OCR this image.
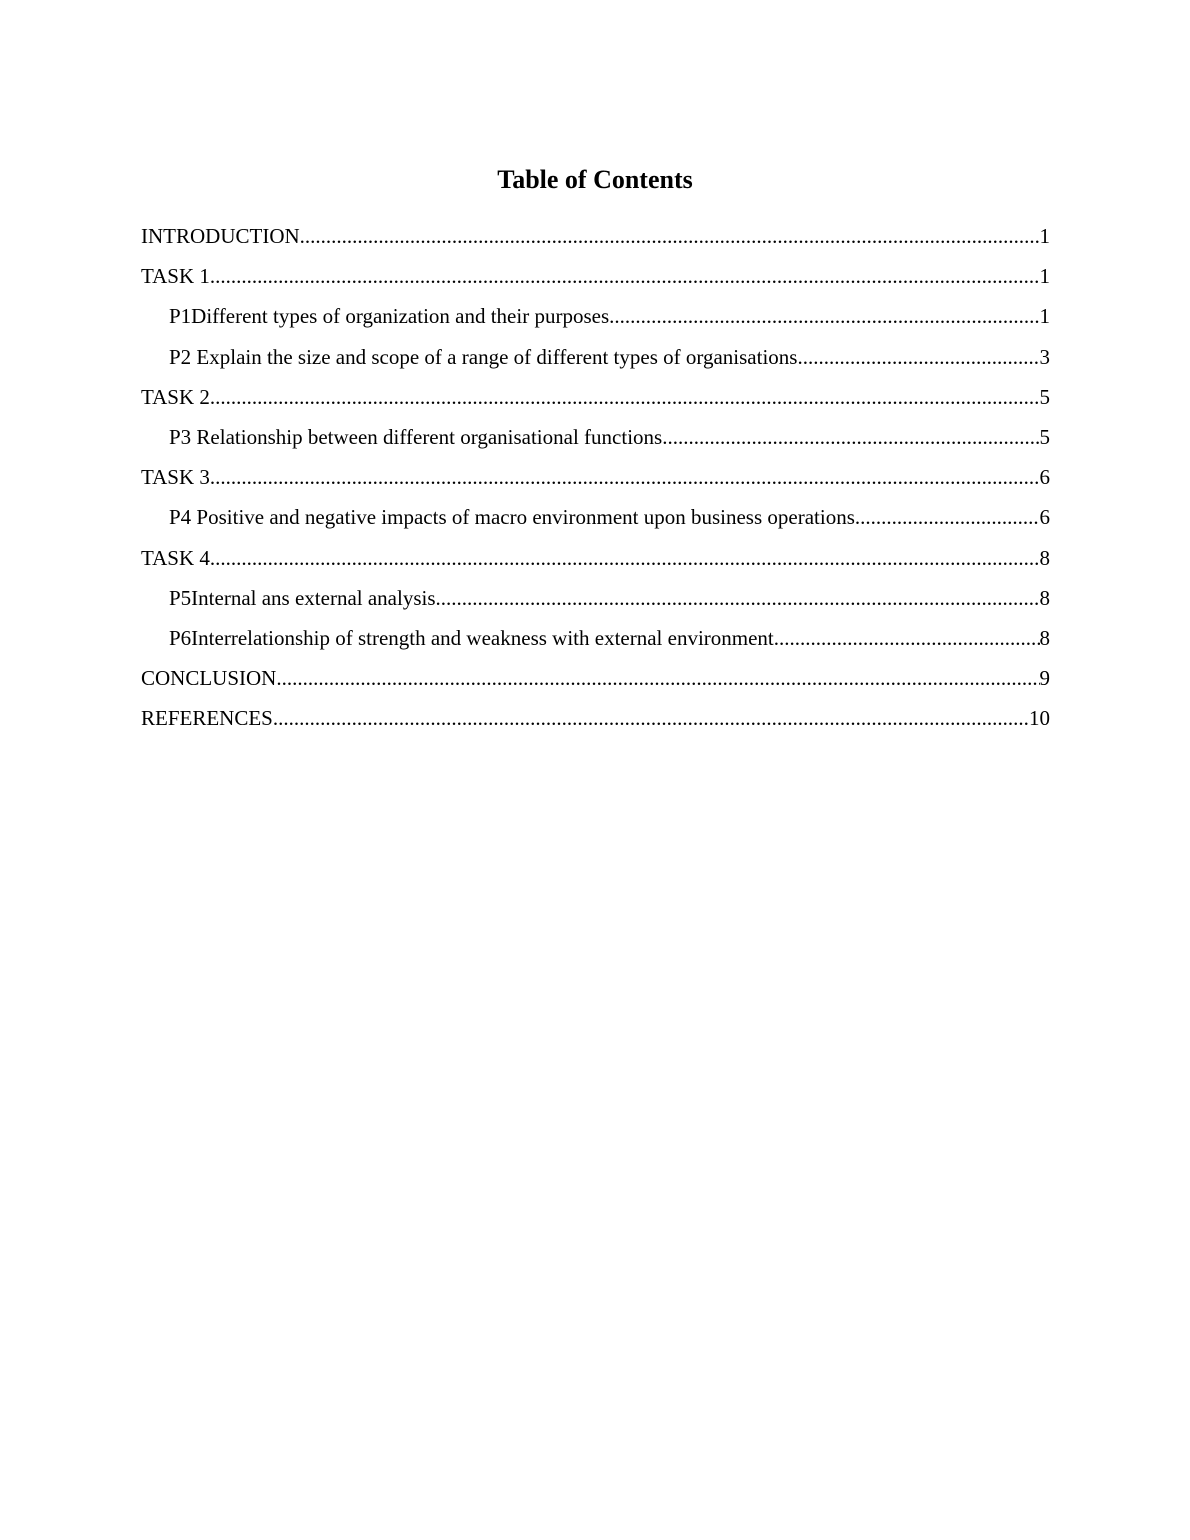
Table of Contents
INTRODUCTION .....	1
TASK 1 .....	1
P1Different types of organization and their purposes .....	1
P2 Explain the size and scope of a range of different types of organisations .....	3
TASK 2 .....	5
P3 Relationship between different organisational functions .....	5
TASK 3 .....	6
P4 Positive and negative impacts of macro environment upon business operations .....	6
TASK 4 .....	8
P5Internal ans external analysis .....	8
P6Interrelationship of strength and weakness with external environment .....	8
CONCLUSION .....	9
REFERENCES .....	10
